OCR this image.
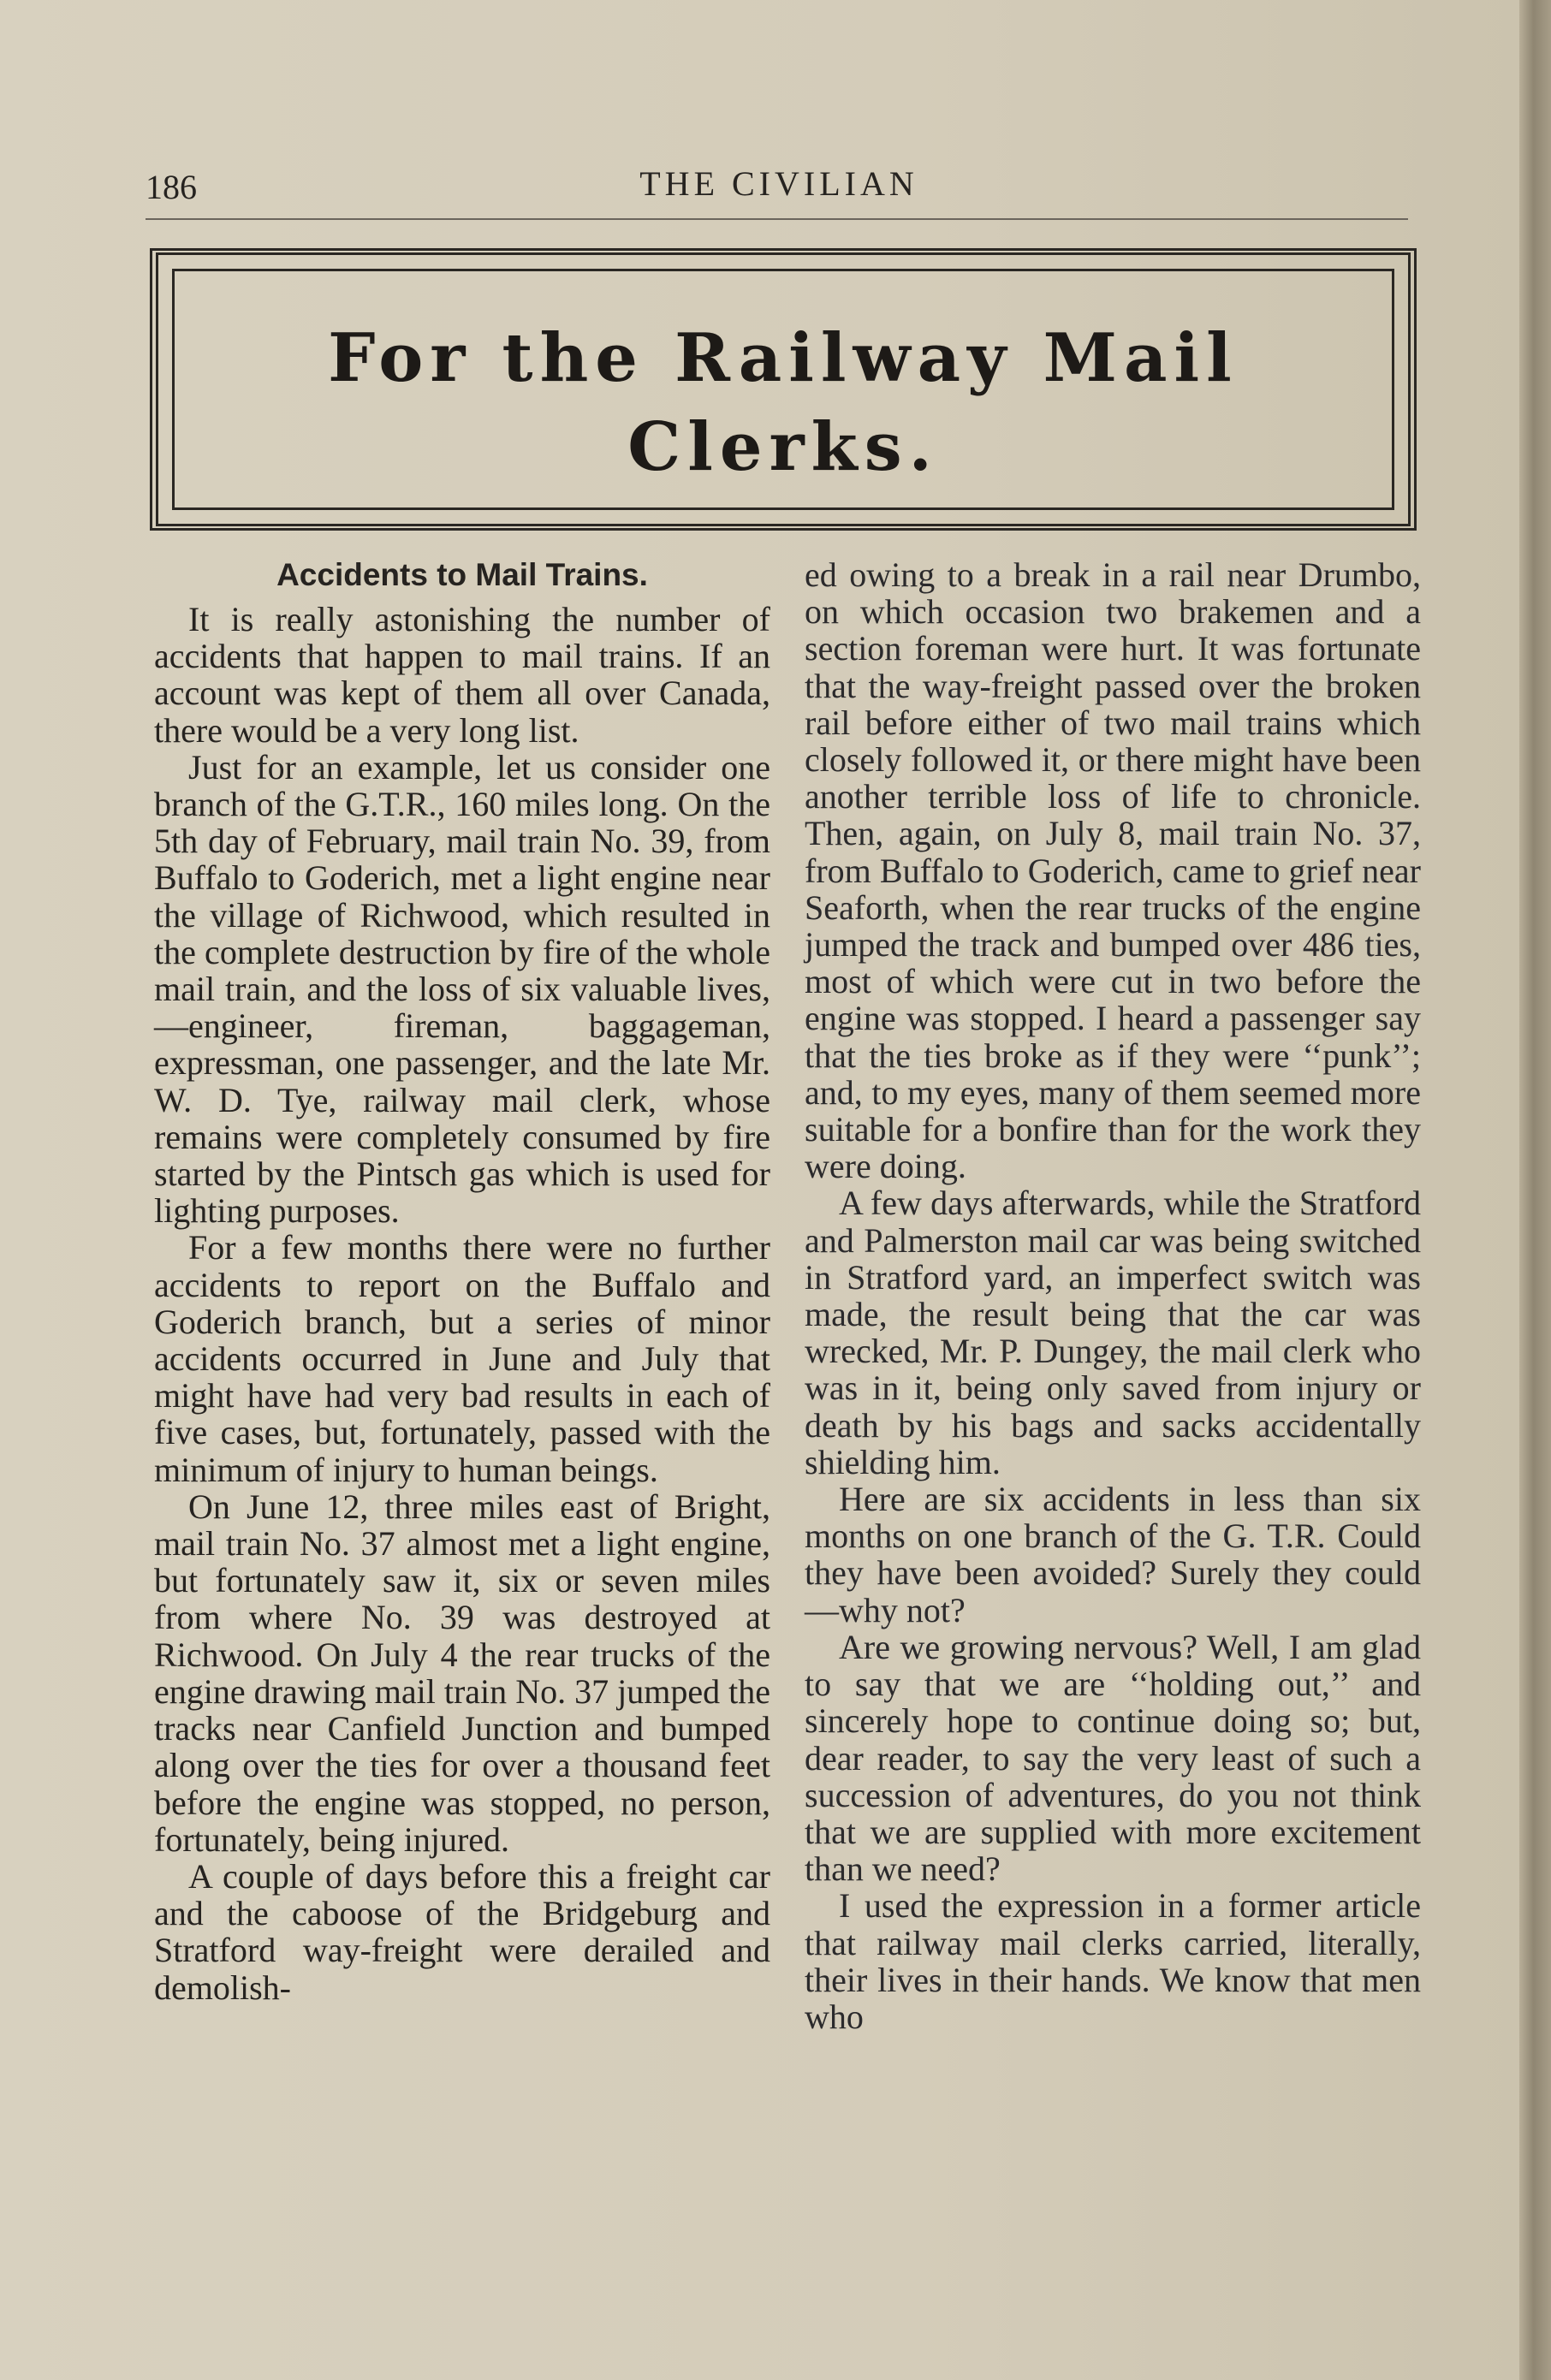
186	THE CIVILIAN
For the Railway Mail
Clerks.
Accidents to Mail Trains.

It is really astonishing the number of accidents that happen to mail trains. If an account was kept of them all over Canada, there would be a very long list.

Just for an example, let us consider one branch of the G.T.R., 160 miles long. On the 5th day of February, mail train No. 39, from Buffalo to Goderich, met a light engine near the village of Richwood, which resulted in the complete destruction by fire of the whole mail train, and the loss of six valuable lives,—engineer, fireman, baggageman, expressman, one passenger, and the late Mr. W. D. Tye, railway mail clerk, whose remains were completely consumed by fire started by the Pintsch gas which is used for lighting purposes.

For a few months there were no further accidents to report on the Buffalo and Goderich branch, but a series of minor accidents occurred in June and July that might have had very bad results in each of five cases, but, fortunately, passed with the minimum of injury to human beings.

On June 12, three miles east of Bright, mail train No. 37 almost met a light engine, but fortunately saw it, six or seven miles from where No. 39 was destroyed at Richwood. On July 4 the rear trucks of the engine drawing mail train No. 37 jumped the tracks near Canfield Junction and bumped along over the ties for over a thousand feet before the engine was stopped, no person, fortunately, being injured.

A couple of days before this a freight car and the caboose of the Bridgeburg and Stratford way-freight were derailed and demolish-

ed owing to a break in a rail near Drumbo, on which occasion two brakemen and a section foreman were hurt. It was fortunate that the way-freight passed over the broken rail before either of two mail trains which closely followed it, or there might have been another terrible loss of life to chronicle. Then, again, on July 8, mail train No. 37, from Buffalo to Goderich, came to grief near Seaforth, when the rear trucks of the engine jumped the track and bumped over 486 ties, most of which were cut in two before the engine was stopped. I heard a passenger say that the ties broke as if they were ‘‘punk’’; and, to my eyes, many of them seemed more suitable for a bonfire than for the work they were doing.

A few days afterwards, while the Stratford and Palmerston mail car was being switched in Stratford yard, an imperfect switch was made, the result being that the car was wrecked, Mr. P. Dungey, the mail clerk who was in it, being only saved from injury or death by his bags and sacks accidentally shielding him.

Here are six accidents in less than six months on one branch of the G. T.R. Could they have been avoided? Surely they could—why not?

Are we growing nervous? Well, I am glad to say that we are ‘‘holding out,’’ and sincerely hope to continue doing so; but, dear reader, to say the very least of such a succession of adventures, do you not think that we are supplied with more excitement than we need?

I used the expression in a former article that railway mail clerks carried, literally, their lives in their hands. We know that men who
